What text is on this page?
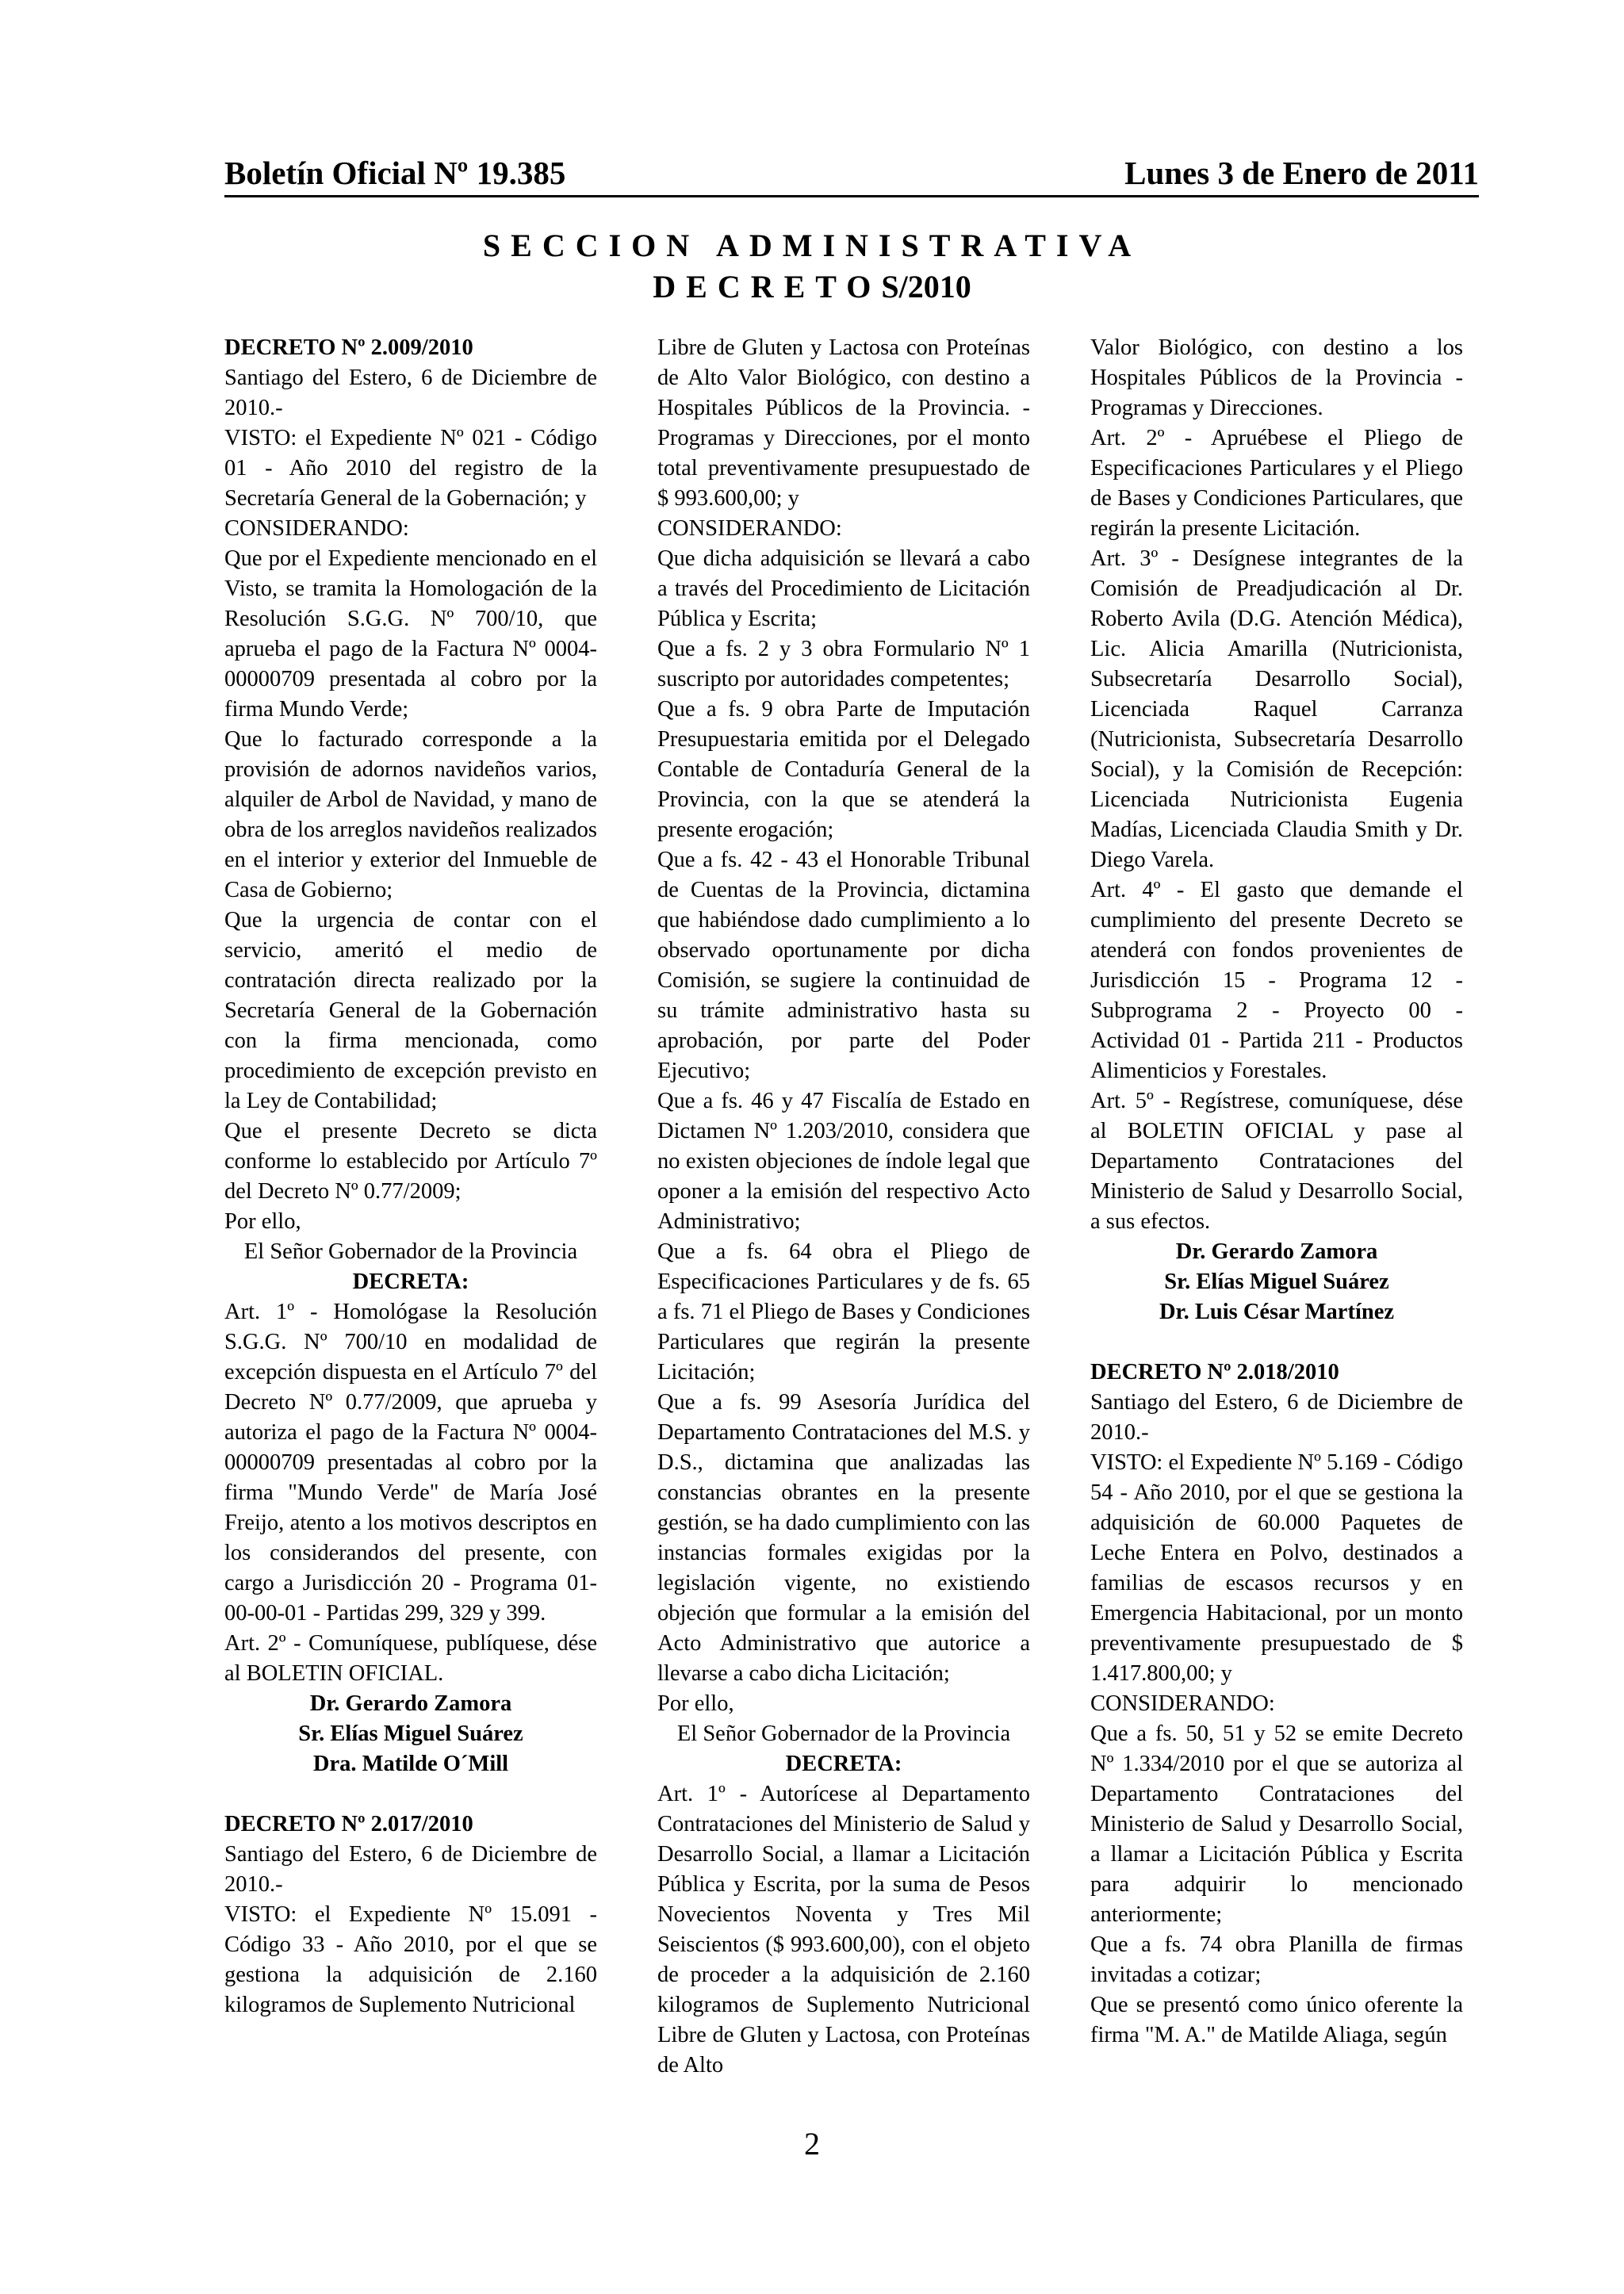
Boletín Oficial Nº 19.385	Lunes 3 de Enero de 2011
SECCION ADMINISTRATIVA
DECRETOS/2010

DECRETO Nº 2.009/2010

Santiago del Estero, 6 de Diciembre de 2010.-

VISTO: el Expediente Nº 021 - Código 01 - Año 2010 del registro de la Secretaría General de la Gobernación; y

CONSIDERANDO:

Que por el Expediente mencionado en el Visto, se tramita la Homologación de la Resolución S.G.G. Nº 700/10, que aprueba el pago de la Factura Nº 0004-00000709 presentada al cobro por la firma Mundo Verde;

Que lo facturado corresponde a la provisión de adornos navideños varios, alquiler de Arbol de Navidad, y mano de obra de los arreglos navideños realizados en el interior y exterior del Inmueble de Casa de Gobierno;

Que la urgencia de contar con el servicio, ameritó el medio de contratación directa realizado por la Secretaría General de la Gobernación con la firma mencionada, como procedimiento de excepción previsto en la Ley de Contabilidad;

Que el presente Decreto se dicta conforme lo establecido por Artículo 7º del Decreto Nº 0.77/2009;

Por ello,

El Señor Gobernador de la Provincia

DECRETA:

Art. 1º - Homológase la Resolución S.G.G. Nº 700/10 en modalidad de excepción dispuesta en el Artículo 7º del Decreto Nº 0.77/2009, que aprueba y autoriza el pago de la Factura Nº 0004-00000709 presentadas al cobro por la firma "Mundo Verde" de María José Freijo, atento a los motivos descriptos en los considerandos del presente, con cargo a Jurisdicción 20 - Programa 01-00-00-01 - Partidas 299, 329 y 399.

Art. 2º - Comuníquese, publíquese, dése al BOLETIN OFICIAL.

Dr. Gerardo Zamora

Sr. Elías Miguel Suárez

Dra. Matilde O´Mill

DECRETO Nº 2.017/2010

Santiago del Estero, 6 de Diciembre de 2010.-

VISTO: el Expediente Nº 15.091 - Código 33 - Año 2010, por el que se gestiona la adquisición de 2.160 kilogramos de Suplemento Nutricional

Libre de Gluten y Lactosa con Proteínas de Alto Valor Biológico, con destino a Hospitales Públicos de la Provincia. - Programas y Direcciones, por el monto total preventivamente presupuestado de $ 993.600,00; y

CONSIDERANDO:

Que dicha adquisición se llevará a cabo a través del Procedimiento de Licitación Pública y Escrita;

Que a fs. 2 y 3 obra Formulario Nº 1 suscripto por autoridades competentes;

Que a fs. 9 obra Parte de Imputación Presupuestaria emitida por el Delegado Contable de Contaduría General de la Provincia, con la que se atenderá la presente erogación;

Que a fs. 42 - 43 el Honorable Tribunal de Cuentas de la Provincia, dictamina que habiéndose dado cumplimiento a lo observado oportunamente por dicha Comisión, se sugiere la continuidad de su trámite administrativo hasta su aprobación, por parte del Poder Ejecutivo;

Que a fs. 46 y 47 Fiscalía de Estado en Dictamen Nº 1.203/2010, considera que no existen objeciones de índole legal que oponer a la emisión del respectivo Acto Administrativo;

Que a fs. 64 obra el Pliego de Especificaciones Particulares y de fs. 65 a fs. 71 el Pliego de Bases y Condiciones Particulares que regirán la presente Licitación;

Que a fs. 99 Asesoría Jurídica del Departamento Contrataciones del M.S. y D.S., dictamina que analizadas las constancias obrantes en la presente gestión, se ha dado cumplimiento con las instancias formales exigidas por la legislación vigente, no existiendo objeción que formular a la emisión del Acto Administrativo que autorice a llevarse a cabo dicha Licitación;

Por ello,

El Señor Gobernador de la Provincia

DECRETA:

Art. 1º - Autorícese al Departamento Contrataciones del Ministerio de Salud y Desarrollo Social, a llamar a Licitación Pública y Escrita, por la suma de Pesos Novecientos Noventa y Tres Mil Seiscientos ($ 993.600,00), con el objeto de proceder a la adquisición de 2.160 kilogramos de Suplemento Nutricional Libre de Gluten y Lactosa, con Proteínas de Alto

Valor Biológico, con destino a los Hospitales Públicos de la Provincia - Programas y Direcciones.

Art. 2º - Apruébese el Pliego de Especificaciones Particulares y el Pliego de Bases y Condiciones Particulares, que regirán la presente Licitación.

Art. 3º - Desígnese integrantes de la Comisión de Preadjudicación al Dr. Roberto Avila (D.G. Atención Médica), Lic. Alicia Amarilla (Nutricionista, Subsecretaría Desarrollo Social), Licenciada Raquel Carranza (Nutricionista, Subsecretaría Desarrollo Social), y la Comisión de Recepción: Licenciada Nutricionista Eugenia Madías, Licenciada Claudia Smith y Dr. Diego Varela.

Art. 4º - El gasto que demande el cumplimiento del presente Decreto se atenderá con fondos provenientes de Jurisdicción 15 - Programa 12 - Subprograma 2 - Proyecto 00 - Actividad 01 - Partida 211 - Productos Alimenticios y Forestales.

Art. 5º - Regístrese, comuníquese, dése al BOLETIN OFICIAL y pase al Departamento Contrataciones del Ministerio de Salud y Desarrollo Social, a sus efectos.

Dr. Gerardo Zamora

Sr. Elías Miguel Suárez

Dr. Luis César Martínez

DECRETO Nº 2.018/2010

Santiago del Estero, 6 de Diciembre de 2010.-

VISTO: el Expediente Nº 5.169 - Código 54 - Año 2010, por el que se gestiona la adquisición de 60.000 Paquetes de Leche Entera en Polvo, destinados a familias de escasos recursos y en Emergencia Habitacional, por un monto preventivamente presupuestado de $ 1.417.800,00; y

CONSIDERANDO:

Que a fs. 50, 51 y 52 se emite Decreto Nº 1.334/2010 por el que se autoriza al Departamento Contrataciones del Ministerio de Salud y Desarrollo Social, a llamar a Licitación Pública y Escrita para adquirir lo mencionado anteriormente;

Que a fs. 74 obra Planilla de firmas invitadas a cotizar;

Que se presentó como único oferente la firma "M. A." de Matilde Aliaga, según

2
